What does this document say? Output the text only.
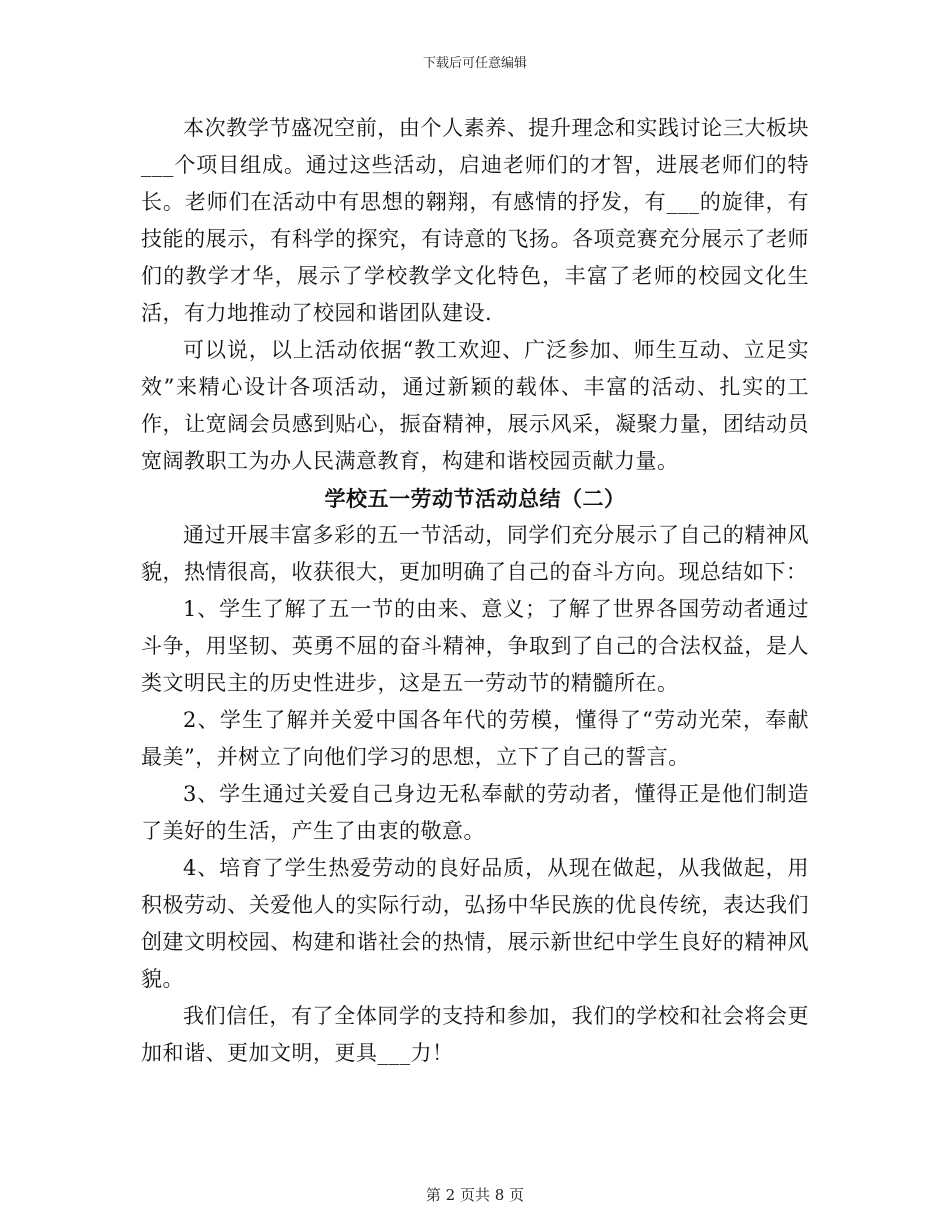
下载后可任意编辑

本次教学节盛况空前，由个人素养、提升理念和实践讨论三大板块___个项目组成。通过这些活动，启迪老师们的才智，进展老师们的特长。老师们在活动中有思想的翱翔，有感情的抒发，有___的旋律，有技能的展示，有科学的探究，有诗意的飞扬。各项竞赛充分展示了老师们的教学才华，展示了学校教学文化特色，丰富了老师的校园文化生活，有力地推动了校园和谐团队建设.

可以说，以上活动依据“教工欢迎、广泛参加、师生互动、立足实效”来精心设计各项活动，通过新颖的载体、丰富的活动、扎实的工作，让宽阔会员感到贴心，振奋精神，展示风采，凝聚力量，团结动员宽阔教职工为办人民满意教育，构建和谐校园贡献力量。

学校五一劳动节活动总结（二）

通过开展丰富多彩的五一节活动，同学们充分展示了自己的精神风貌，热情很高，收获很大，更加明确了自己的奋斗方向。现总结如下：

1、学生了解了五一节的由来、意义；了解了世界各国劳动者通过斗争，用坚韧、英勇不屈的奋斗精神，争取到了自己的合法权益，是人类文明民主的历史性进步，这是五一劳动节的精髓所在。

2、学生了解并关爱中国各年代的劳模，懂得了“劳动光荣，奉献最美”，并树立了向他们学习的思想，立下了自己的誓言。

3、学生通过关爱自己身边无私奉献的劳动者，懂得正是他们制造了美好的生活，产生了由衷的敬意。

4、培育了学生热爱劳动的良好品质，从现在做起，从我做起，用积极劳动、关爱他人的实际行动，弘扬中华民族的优良传统，表达我们创建文明校园、构建和谐社会的热情，展示新世纪中学生良好的精神风貌。

我们信任，有了全体同学的支持和参加，我们的学校和社会将会更加和谐、更加文明，更具___力！

第 2 页共 8 页
